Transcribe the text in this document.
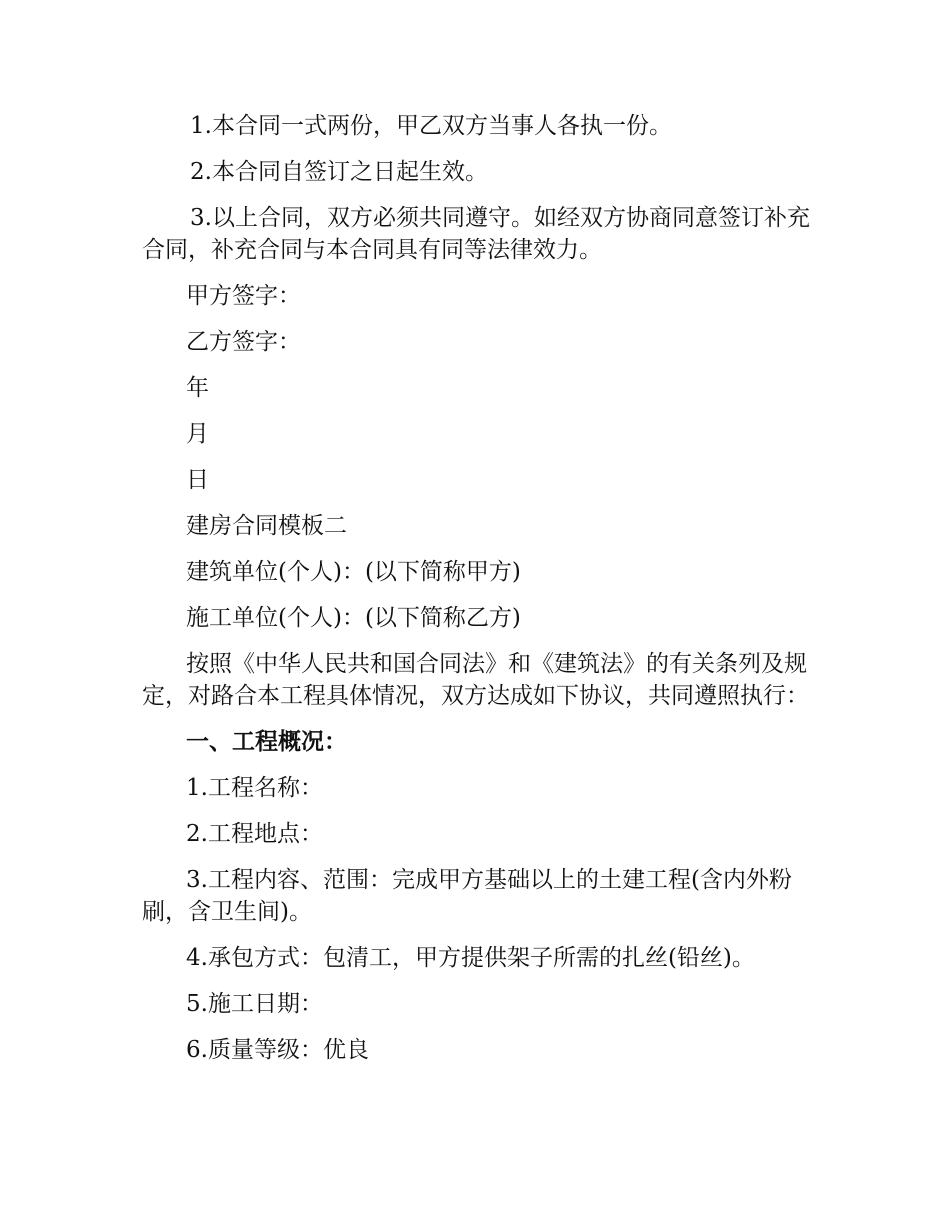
1.本合同一式两份，甲乙双方当事人各执一份。

2.本合同自签订之日起生效。

3.以上合同，双方必须共同遵守。如经双方协商同意签订补充合同，补充合同与本合同具有同等法律效力。

甲方签字：

乙方签字：

年

月

日

建房合同模板二

建筑单位(个人)：(以下简称甲方)

施工单位(个人)：(以下简称乙方)

按照《中华人民共和国合同法》和《建筑法》的有关条列及规定，对路合本工程具体情况，双方达成如下协议，共同遵照执行：

一、工程概况：

1.工程名称：

2.工程地点：

3.工程内容、范围：完成甲方基础以上的土建工程(含内外粉刷，含卫生间)。

4.承包方式：包清工，甲方提供架子所需的扎丝(铅丝)。

5.施工日期：

6.质量等级：优良
